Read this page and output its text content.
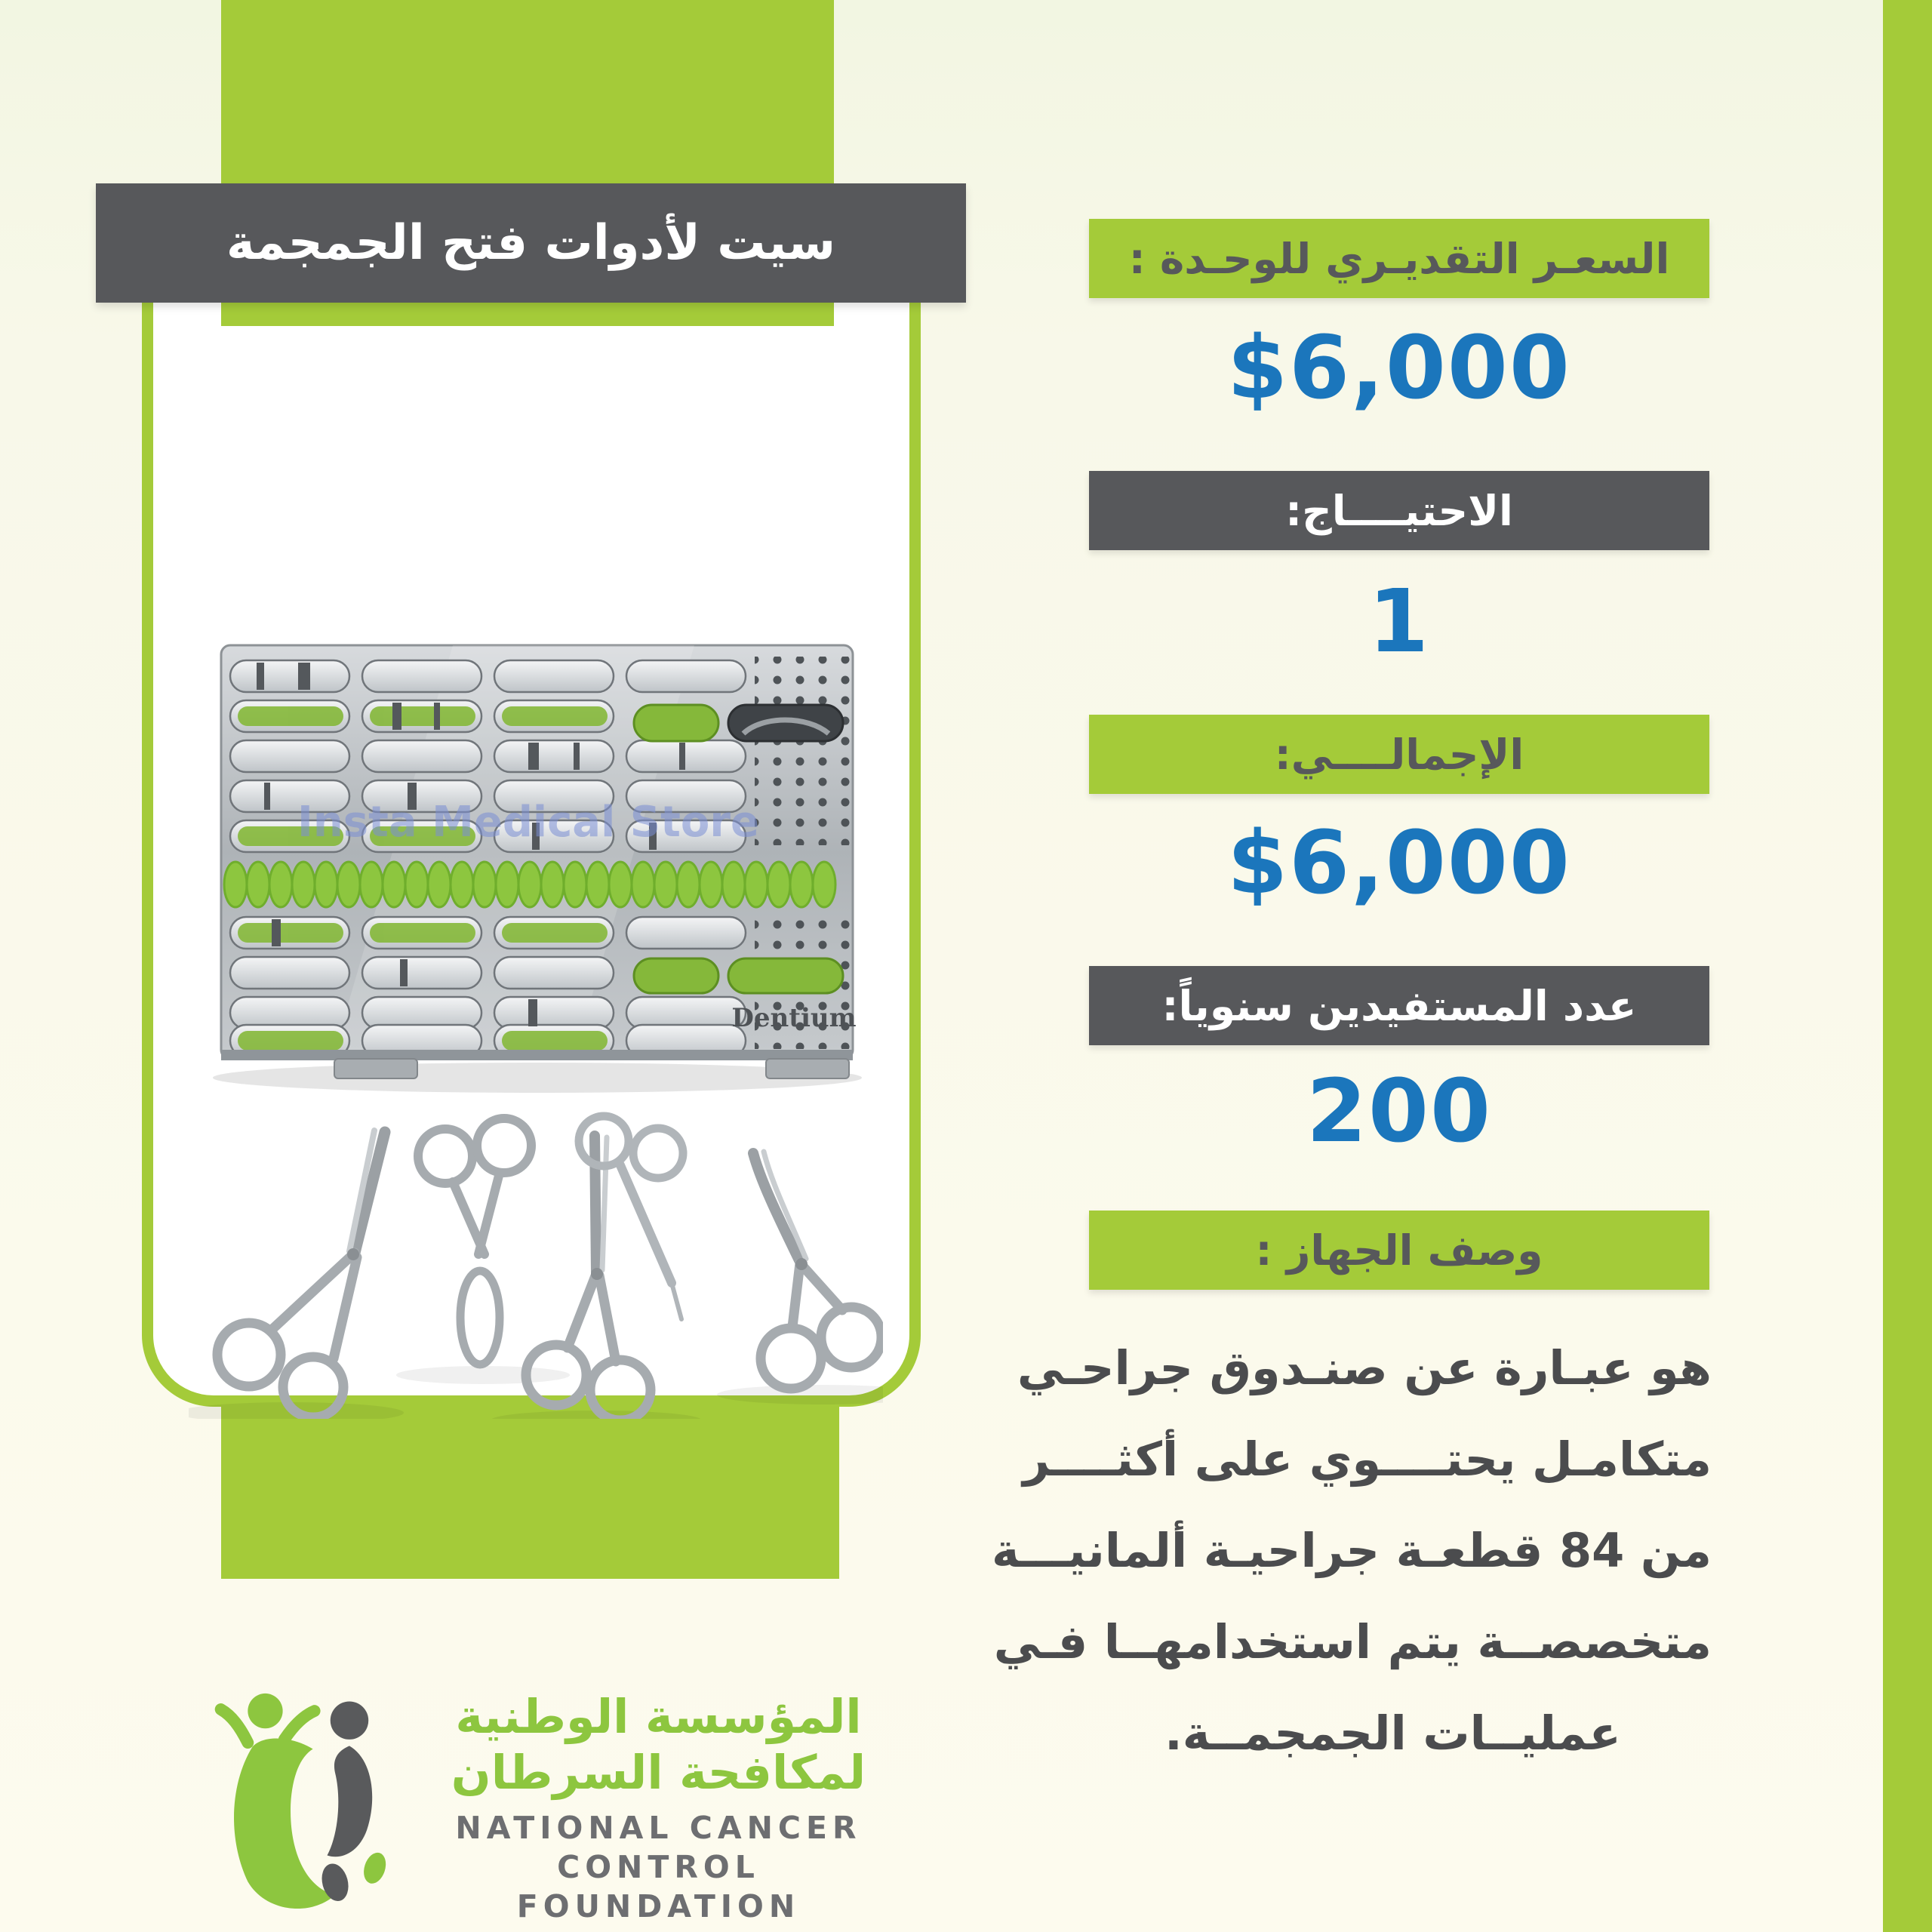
سيت لأدوات فتح الجمجمة
Insta Medical Store
Dentium
السعـر التقديـري للوحـدة :
$6,000
الاحتيــــاج:
1
الإجمالــــي:
$6,000
عدد المستفيدين سنوياً:
200
وصف الجهاز :
هو عبـارة عن صنـدوق جراحـي
متكامـل يحتــــوي على أكثــــر
من 84 قطعـة جراحيـة ألمانيـــة
متخصصــة يتم استخدامهــا فـي
عمليــات الجمجمــة.
المؤسسة الوطنية
لمكافحة السرطان
NATIONAL CANCER
CONTROL FOUNDATION
